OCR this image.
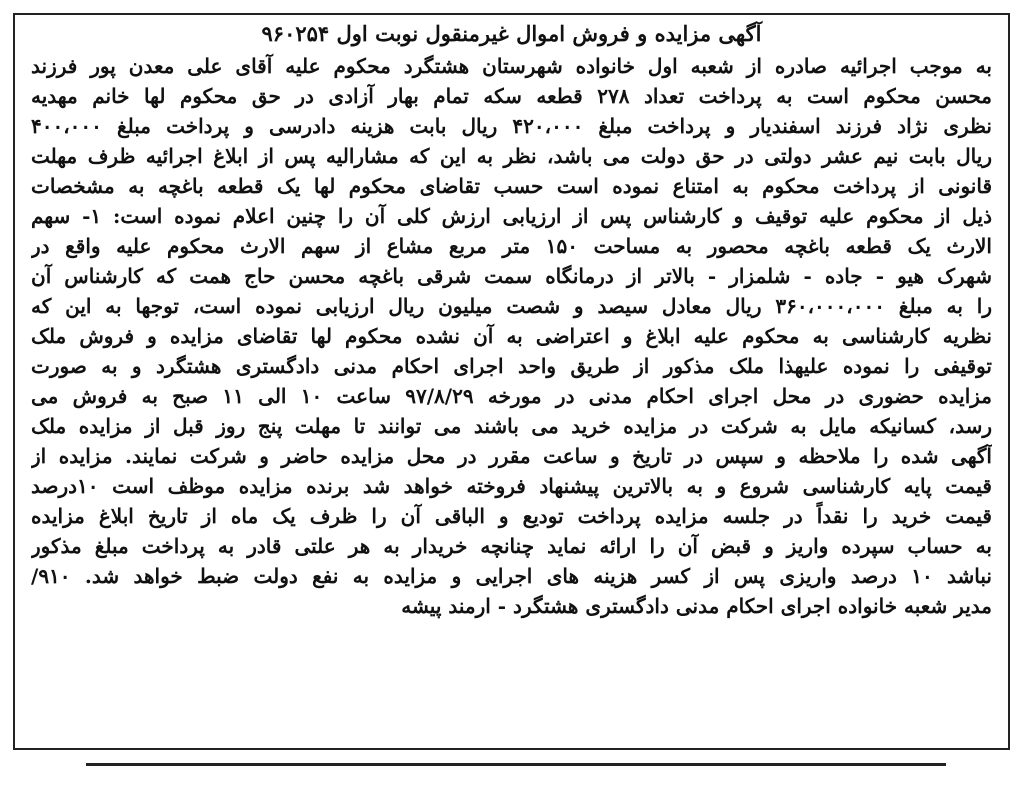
آگهی مزایده و فروش اموال غیرمنقول نوبت اول ۹۶۰۲۵۴
به موجب اجرائیه صادره از شعبه اول خانواده شهرستان هشتگرد محکوم علیه آقای علی معدن پور فرزند
محسن محکوم است به پرداخت تعداد ۲۷۸ قطعه سکه تمام بهار آزادی در حق محکوم لها خانم مهدیه
نظری نژاد فرزند اسفندیار و پرداخت مبلغ ۴۲۰،۰۰۰ ریال بابت هزینه دادرسی و پرداخت مبلغ ۴۰۰،۰۰۰
ریال بابت نیم عشر دولتی در حق دولت می باشد، نظر به این که مشارالیه پس از ابلاغ اجرائیه ظرف مهلت
قانونی از پرداخت محکوم به امتناع نموده است حسب تقاضای محکوم لها یک قطعه باغچه به مشخصات
ذیل از محکوم علیه توقیف و کارشناس پس از ارزیابی ارزش کلی آن را چنین اعلام نموده است: ۱- سهم
الارث یک قطعه باغچه محصور به مساحت ۱۵۰ متر مربع مشاع از سهم الارث محکوم علیه واقع در
شهرک هیو - جاده - شلمزار - بالاتر از درمانگاه سمت شرقی باغچه محسن حاج همت که کارشناس آن
را به مبلغ ۳۶۰،۰۰۰،۰۰۰ ریال معادل سیصد و شصت میلیون ریال ارزیابی نموده است، توجها به این که
نظریه کارشناسی به محکوم علیه ابلاغ و اعتراضی به آن نشده محکوم لها تقاضای مزایده و فروش ملک
توقیفی را نموده علیهذا ملک مذکور از طریق واحد اجرای احکام مدنی دادگستری هشتگرد و به صورت
مزایده حضوری در محل اجرای احکام مدنی در مورخه ۹۷/۸/۲۹ ساعت ۱۰ الی ۱۱ صبح به فروش می
رسد، کسانیکه مایل به شرکت در مزایده خرید می باشند می توانند تا مهلت پنج روز قبل از مزایده ملک
آگهی شده را ملاحظه و سپس در تاریخ و ساعت مقرر در محل مزایده حاضر و شرکت نمایند. مزایده از
قیمت پایه کارشناسی شروع و به بالاترین پیشنهاد فروخته خواهد شد برنده مزایده موظف است ۱۰درصد
قیمت خرید را نقداً در جلسه مزایده پرداخت تودیع و الباقی آن را ظرف یک ماه از تاریخ ابلاغ مزایده
به حساب سپرده واریز و قبض آن را ارائه نماید چنانچه خریدار به هر علتی قادر به پرداخت مبلغ مذکور
نباشد ۱۰ درصد واریزی پس از کسر هزینه های اجرایی و مزایده به نفع دولت ضبط خواهد شد. ۹۱۰/
مدیر شعبه خانواده اجرای احکام مدنی دادگستری هشتگرد - ارمند پیشه
